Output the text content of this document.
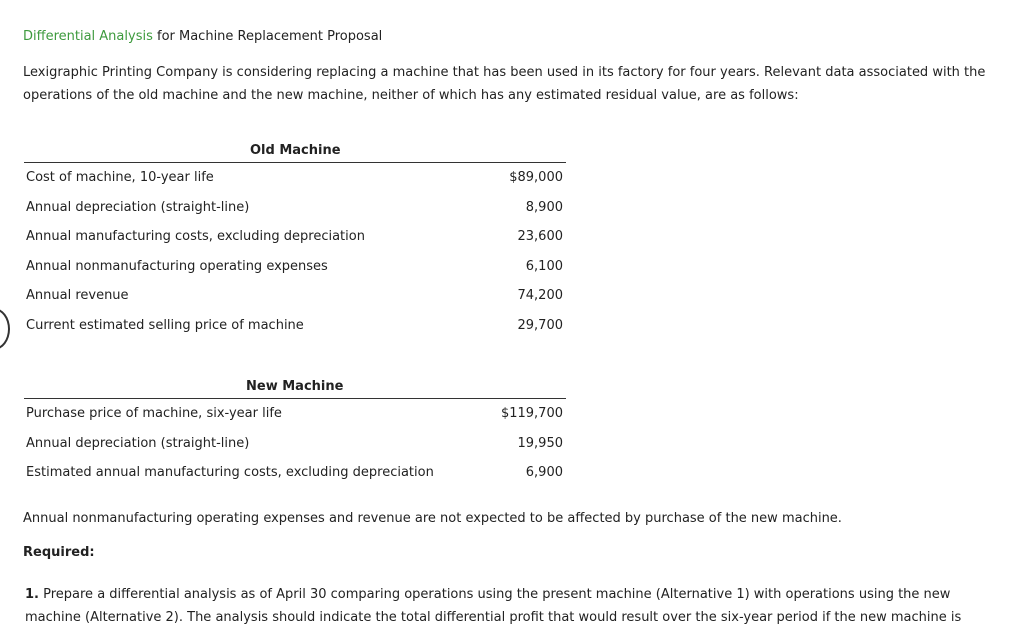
Differential Analysis for Machine Replacement Proposal
Lexigraphic Printing Company is considering replacing a machine that has been used in its factory for four years. Relevant data associated with the operations of the old machine and the new machine, neither of which has any estimated residual value, are as follows:
Old Machine
Cost of machine, 10-year life	$89,000
Annual depreciation (straight-line)	8,900
Annual manufacturing costs, excluding depreciation	23,600
Annual nonmanufacturing operating expenses	6,100
Annual revenue	74,200
Current estimated selling price of machine	29,700
New Machine
Purchase price of machine, six-year life	$119,700
Annual depreciation (straight-line)	19,950
Estimated annual manufacturing costs, excluding depreciation	6,900
Annual nonmanufacturing operating expenses and revenue are not expected to be affected by purchase of the new machine.
Required:
1. Prepare a differential analysis as of April 30 comparing operations using the present machine (Alternative 1) with operations using the new machine (Alternative 2). The analysis should indicate the total differential profit that would result over the six-year period if the new machine is
